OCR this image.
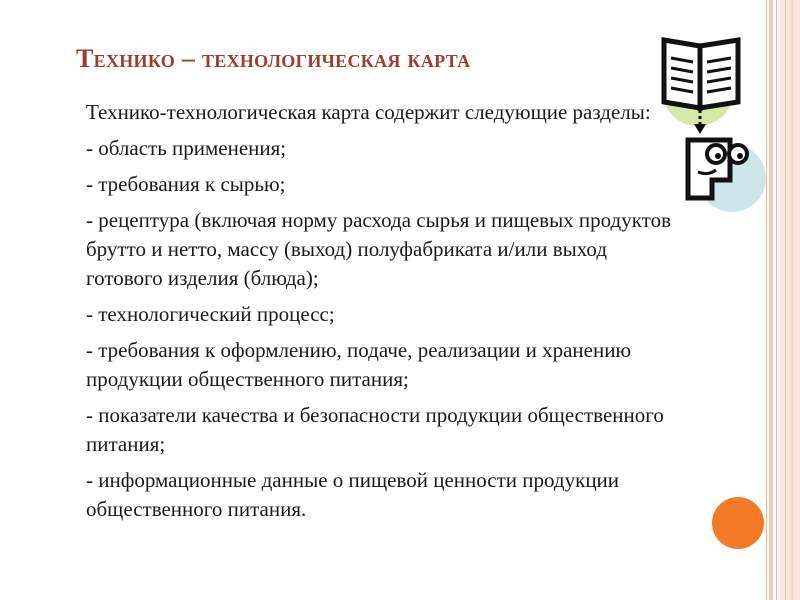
Технико – технологическая карта
Технико-технологическая карта содержит следующие разделы:
- область применения;
- требования к сырью;
- рецептура (включая норму расхода сырья и пищевых продуктов брутто и нетто, массу (выход) полуфабриката и/или выход готового изделия (блюда);
- технологический процесс;
- требования к оформлению, подаче, реализации и хранению продукции общественного питания;
- показатели качества и безопасности продукции общественного питания;
- информационные данные о пищевой ценности продукции общественного питания.
